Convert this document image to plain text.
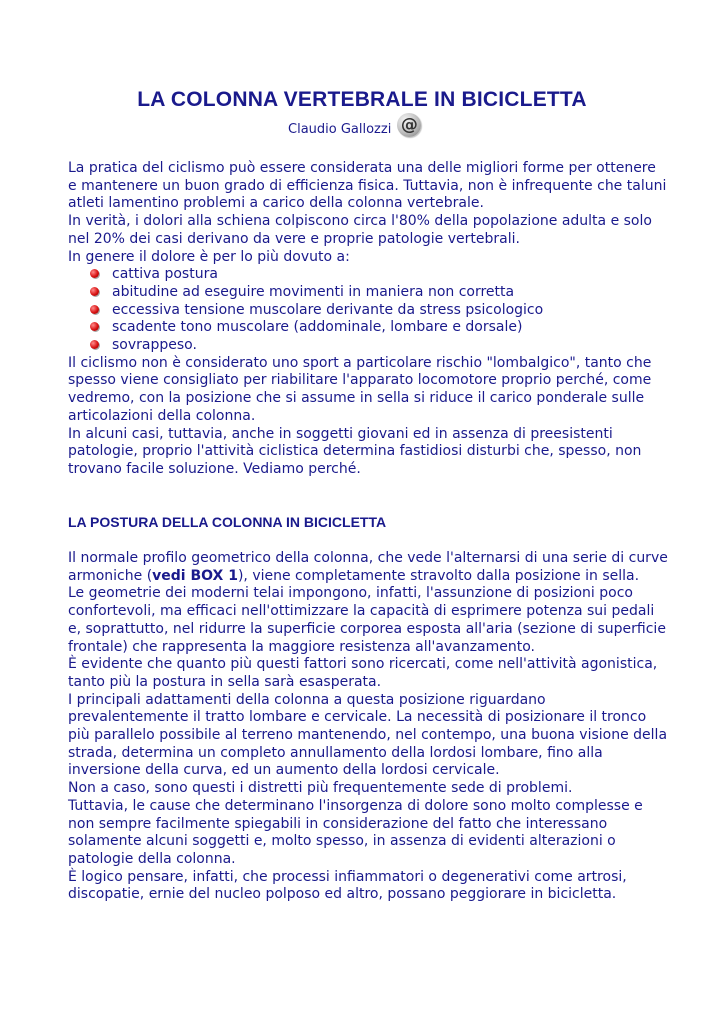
LA COLONNA VERTEBRALE IN BICICLETTA
Claudio Gallozzi @

La pratica del ciclismo può essere considerata una delle migliori forme per ottenere e mantenere un buon grado di efficienza fisica. Tuttavia, non è infrequente che taluni atleti lamentino problemi a carico della colonna vertebrale.

In verità, i dolori alla schiena colpiscono circa l'80% della popolazione adulta e solo nel 20% dei casi derivano da vere e proprie patologie vertebrali.

In genere il dolore è per lo più dovuto a:

cattiva postura
abitudine ad eseguire movimenti in maniera non corretta
eccessiva tensione muscolare derivante da stress psicologico
scadente tono muscolare (addominale, lombare e dorsale)
sovrappeso.

Il ciclismo non è considerato uno sport a particolare rischio "lombalgico", tanto che spesso viene consigliato per riabilitare l'apparato locomotore proprio perché, come vedremo, con la posizione che si assume in sella si riduce il carico ponderale sulle articolazioni della colonna.

In alcuni casi, tuttavia, anche in soggetti giovani ed in assenza di preesistenti patologie, proprio l'attività ciclistica determina fastidiosi disturbi che, spesso, non trovano facile soluzione. Vediamo perché.

LA POSTURA DELLA COLONNA IN BICICLETTA

Il normale profilo geometrico della colonna, che vede l'alternarsi di una serie di curve armoniche (vedi BOX 1), viene completamente stravolto dalla posizione in sella.

Le geometrie dei moderni telai impongono, infatti, l'assunzione di posizioni poco confortevoli, ma efficaci nell'ottimizzare la capacità di esprimere potenza sui pedali e, soprattutto, nel ridurre la superficie corporea esposta all'aria (sezione di superficie frontale) che rappresenta la maggiore resistenza all'avanzamento.

È evidente che quanto più questi fattori sono ricercati, come nell'attività agonistica, tanto più la postura in sella sarà esasperata.

I principali adattamenti della colonna a questa posizione riguardano prevalentemente il tratto lombare e cervicale. La necessità di posizionare il tronco più parallelo possibile al terreno mantenendo, nel contempo, una buona visione della strada, determina un completo annullamento della lordosi lombare, fino alla inversione della curva, ed un aumento della lordosi cervicale.

Non a caso, sono questi i distretti più frequentemente sede di problemi.

Tuttavia, le cause che determinano l'insorgenza di dolore sono molto complesse e non sempre facilmente spiegabili in considerazione del fatto che interessano solamente alcuni soggetti e, molto spesso, in assenza di evidenti alterazioni o patologie della colonna.

È logico pensare, infatti, che processi infiammatori o degenerativi come artrosi, discopatie, ernie del nucleo polposo ed altro, possano peggiorare in bicicletta.
